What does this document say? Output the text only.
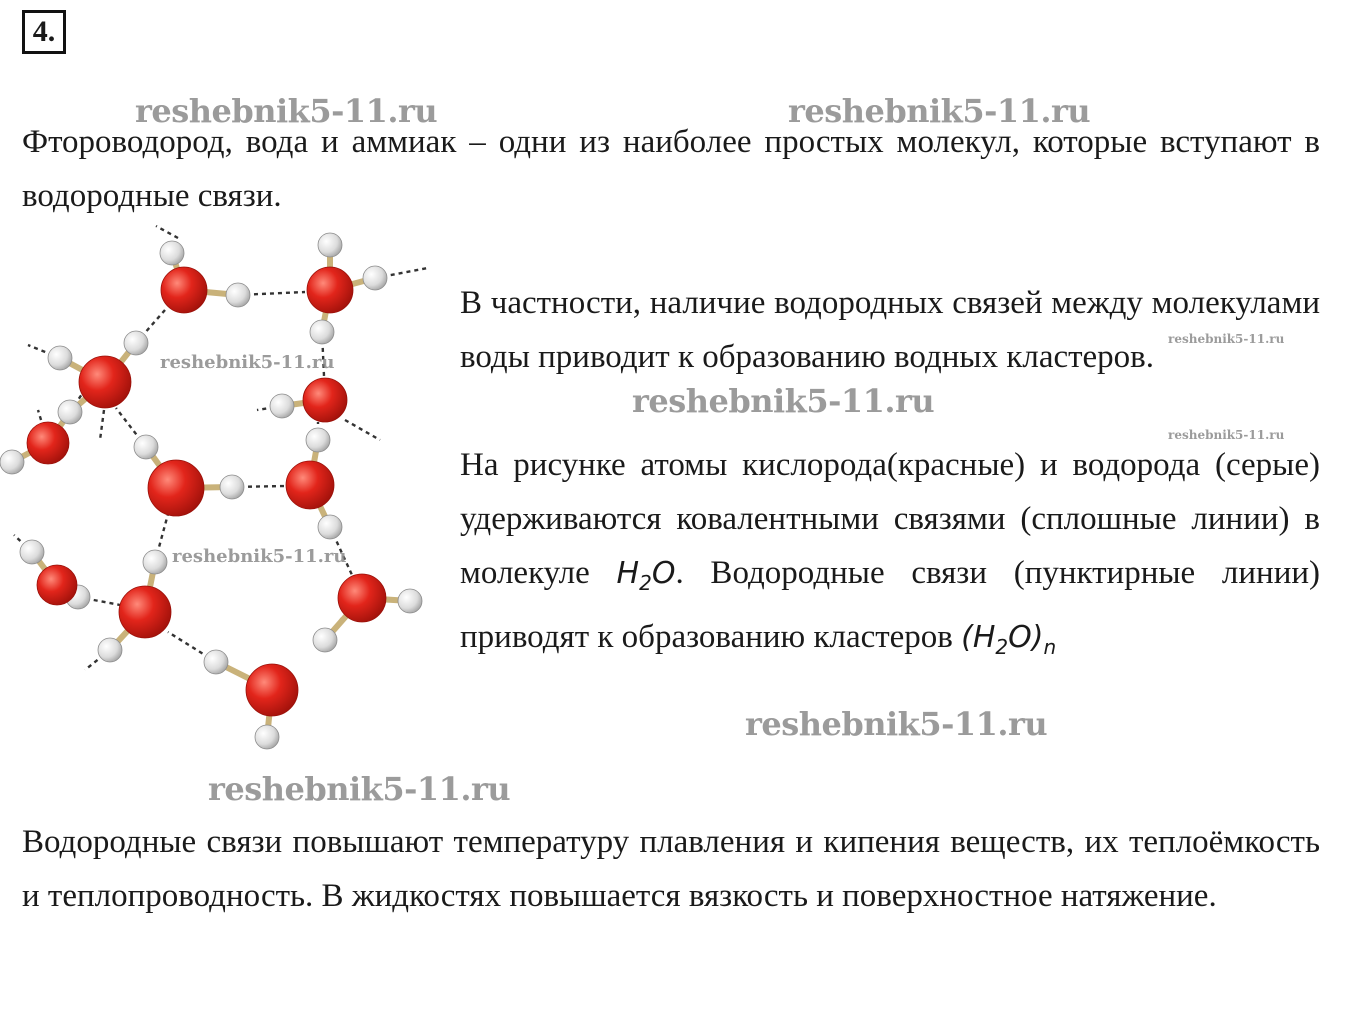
4.
reshebnik5-11.ru	reshebnik5-11.ru

Фтороводород, вода и аммиак – одни из наиболее простых молекул, которые вступают в водородные связи.

reshebnik5-11.ru
reshebnik5-11.ru

В частности, наличие водородных связей между молекулами воды приводит к образованию водных кластеров.	reshebnik5-11.ru
reshebnik5-11.ru
reshebnik5-11.ru

На рисунке атомы кислорода(красные) и водорода (серые) удерживаются ковалентными связями (сплошные линии) в молекуле $H_2O$. Водородные связи (пунктирные линии) приводят к образованию кластеров $(H_2O)_n$

reshebnik5-11.ru
reshebnik5-11.ru

Водородные связи повышают температуру плавления и кипения веществ, их теплоёмкость и теплопроводность. В жидкостях повышается вязкость и поверхностное натяжение.
